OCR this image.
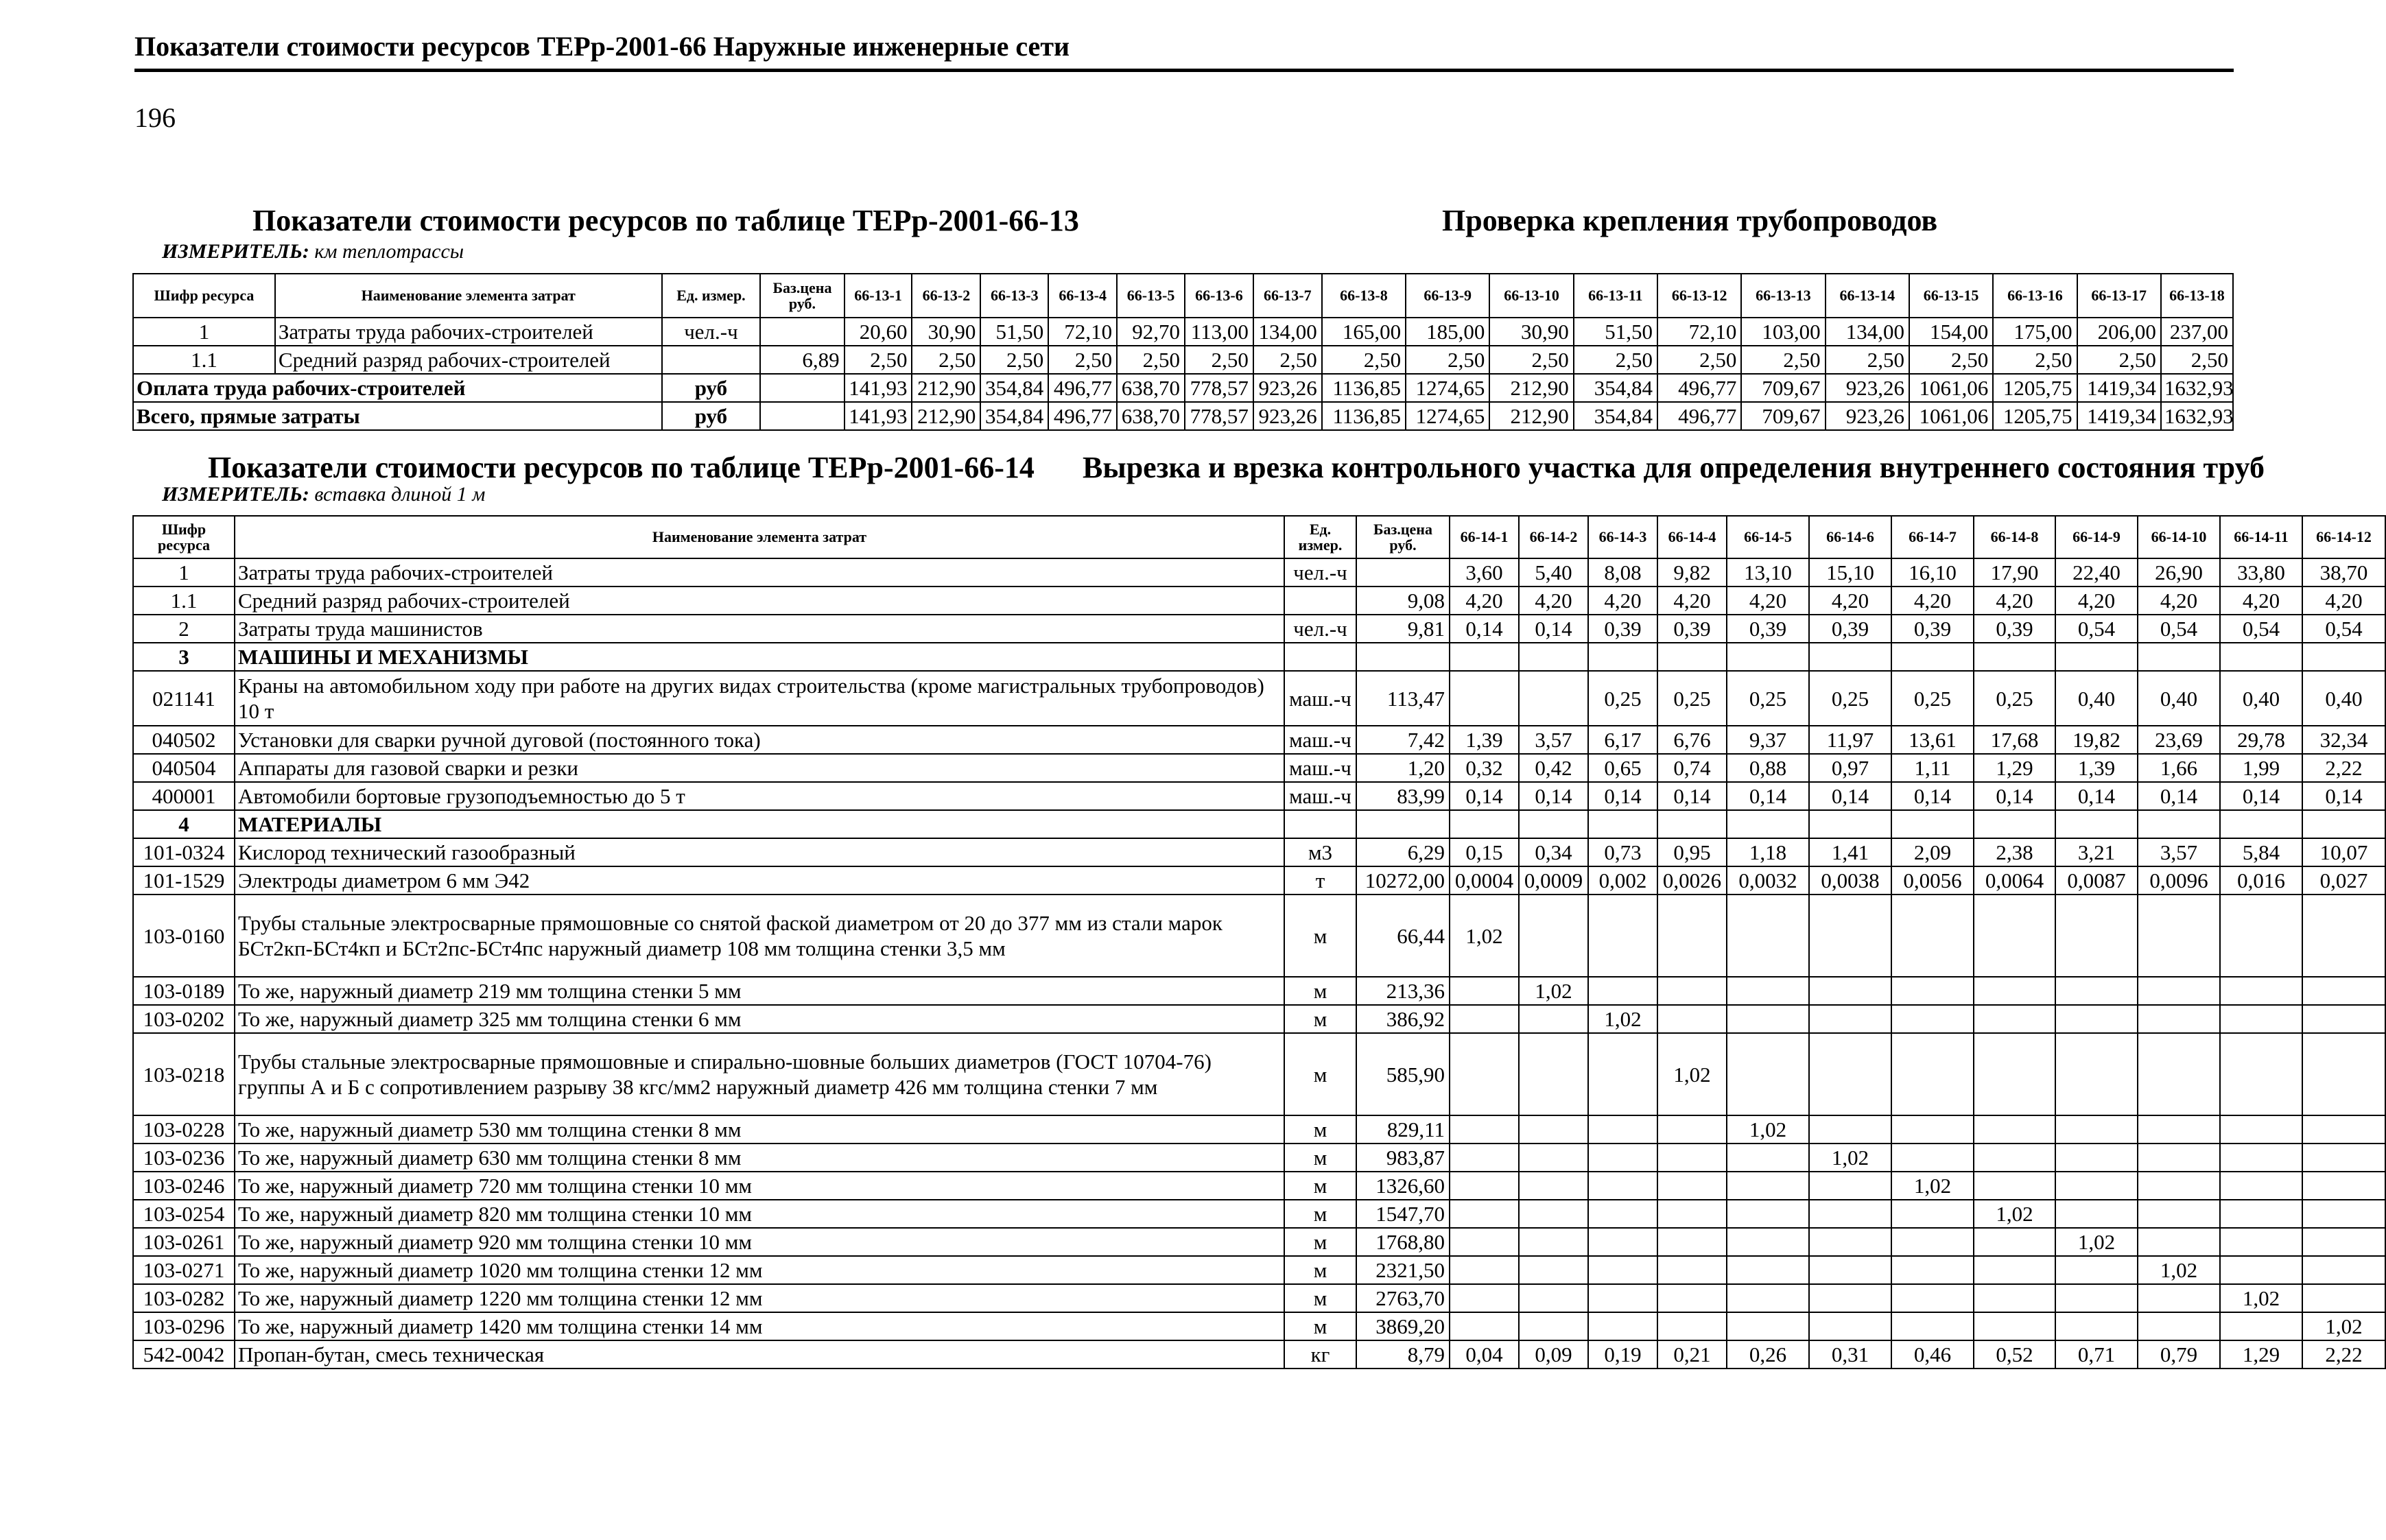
Показатели стоимости ресурсов ТЕРр-2001-66 Наружные инженерные сети
196
Показатели стоимости ресурсов по таблице ТЕРр-2001-66-13	Проверка крепления трубопроводов
ИЗМЕРИТЕЛЬ: км теплотрассы
Шифр ресурса	Наименование элемента затрат	Ед. измер.	Баз.цена руб.	66-13-1	66-13-2	66-13-3	66-13-4	66-13-5	66-13-6	66-13-7	66-13-8	66-13-9	66-13-10	66-13-11	66-13-12	66-13-13	66-13-14	66-13-15	66-13-16	66-13-17	66-13-18
1	Затраты труда рабочих-строителей	чел.-ч		20,60	30,90	51,50	72,10	92,70	113,00	134,00	165,00	185,00	30,90	51,50	72,10	103,00	134,00	154,00	175,00	206,00	237,00
1.1	Средний разряд рабочих-строителей		6,89	2,50	2,50	2,50	2,50	2,50	2,50	2,50	2,50	2,50	2,50	2,50	2,50	2,50	2,50	2,50	2,50	2,50	2,50
Оплата труда рабочих-строителей		руб		141,93	212,90	354,84	496,77	638,70	778,57	923,26	1136,85	1274,65	212,90	354,84	496,77	709,67	923,26	1061,06	1205,75	1419,34	1632,93
Всего, прямые затраты		руб		141,93	212,90	354,84	496,77	638,70	778,57	923,26	1136,85	1274,65	212,90	354,84	496,77	709,67	923,26	1061,06	1205,75	1419,34	1632,93
Показатели стоимости ресурсов по таблице ТЕРр-2001-66-14 Вырезка и врезка контрольного участка для определения внутреннего состояния труб
ИЗМЕРИТЕЛЬ: вставка длиной 1 м
Шифр ресурса	Наименование элемента затрат	Ед. измер.	Баз.цена руб.	66-14-1	66-14-2	66-14-3	66-14-4	66-14-5	66-14-6	66-14-7	66-14-8	66-14-9	66-14-10	66-14-11	66-14-12
1	Затраты труда рабочих-строителей	чел.-ч		3,60	5,40	8,08	9,82	13,10	15,10	16,10	17,90	22,40	26,90	33,80	38,70
1.1	Средний разряд рабочих-строителей		9,08	4,20	4,20	4,20	4,20	4,20	4,20	4,20	4,20	4,20	4,20	4,20	4,20
2	Затраты труда машинистов	чел.-ч	9,81	0,14	0,14	0,39	0,39	0,39	0,39	0,39	0,39	0,54	0,54	0,54	0,54
3	МАШИНЫ И МЕХАНИЗМЫ														
021141	Краны на автомобильном ходу при работе на других видах строительства (кроме магистральных трубопроводов) 10 т	маш.-ч	113,47			0,25	0,25	0,25	0,25	0,25	0,25	0,40	0,40	0,40	0,40
040502	Установки для сварки ручной дуговой (постоянного тока)	маш.-ч	7,42	1,39	3,57	6,17	6,76	9,37	11,97	13,61	17,68	19,82	23,69	29,78	32,34
040504	Аппараты для газовой сварки и резки	маш.-ч	1,20	0,32	0,42	0,65	0,74	0,88	0,97	1,11	1,29	1,39	1,66	1,99	2,22
400001	Автомобили бортовые грузоподъемностью до 5 т	маш.-ч	83,99	0,14	0,14	0,14	0,14	0,14	0,14	0,14	0,14	0,14	0,14	0,14	0,14
4	МАТЕРИАЛЫ														
101-0324	Кислород технический газообразный	м3	6,29	0,15	0,34	0,73	0,95	1,18	1,41	2,09	2,38	3,21	3,57	5,84	10,07
101-1529	Электроды диаметром 6 мм Э42	т	10272,00	0,0004	0,0009	0,002	0,0026	0,0032	0,0038	0,0056	0,0064	0,0087	0,0096	0,016	0,027
103-0160	Трубы стальные электросварные прямошовные со снятой фаской диаметром от 20 до 377 мм из стали марок БСт2кп-БСт4кп и БСт2пс-БСт4пс наружный диаметр 108 мм толщина стенки 3,5 мм	м	66,44	1,02											
103-0189	То же, наружный диаметр 219 мм толщина стенки 5 мм	м	213,36		1,02										
103-0202	То же, наружный диаметр 325 мм толщина стенки 6 мм	м	386,92			1,02									
103-0218	Трубы стальные электросварные прямошовные и спирально-шовные больших диаметров (ГОСТ 10704-76) группы А и Б с сопротивлением разрыву 38 кгс/мм2 наружный диаметр 426 мм толщина стенки 7 мм	м	585,90				1,02								
103-0228	То же, наружный диаметр 530 мм толщина стенки 8 мм	м	829,11					1,02							
103-0236	То же, наружный диаметр 630 мм толщина стенки 8 мм	м	983,87						1,02						
103-0246	То же, наружный диаметр 720 мм толщина стенки 10 мм	м	1326,60							1,02					
103-0254	То же, наружный диаметр 820 мм толщина стенки 10 мм	м	1547,70								1,02				
103-0261	То же, наружный диаметр 920 мм толщина стенки 10 мм	м	1768,80									1,02			
103-0271	То же, наружный диаметр 1020 мм толщина стенки 12 мм	м	2321,50										1,02		
103-0282	То же, наружный диаметр 1220 мм толщина стенки 12 мм	м	2763,70											1,02	
103-0296	То же, наружный диаметр 1420 мм толщина стенки 14 мм	м	3869,20												1,02
542-0042	Пропан-бутан, смесь техническая	кг	8,79	0,04	0,09	0,19	0,21	0,26	0,31	0,46	0,52	0,71	0,79	1,29	2,22
